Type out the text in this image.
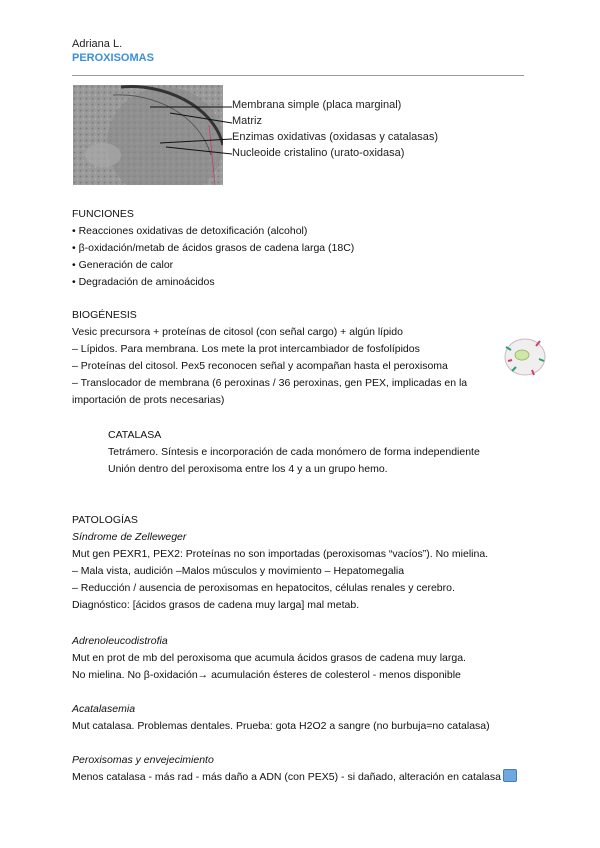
Adriana L.
PEROXISOMAS
Membrana simple (placa marginal)
Matriz
Enzimas oxidativas (oxidasas y catalasas)
Nucleoide cristalino (urato-oxidasa)
FUNCIONES
• Reacciones oxidativas de detoxificación (alcohol)
• β-oxidación/metab de ácidos grasos de cadena larga (18C)
• Generación de calor
• Degradación de aminoácidos
BIOGÉNESIS
Vesic precursora + proteínas de citosol (con señal cargo) + algún lípido
– Lípidos. Para membrana. Los mete la prot intercambiador de fosfolípidos
– Proteínas del citosol. Pex5 reconocen señal y acompañan hasta el peroxisoma
– Translocador de membrana (6 peroxinas / 36 peroxinas, gen PEX, implicadas en la
importación de prots necesarias)
CATALASA
Tetrámero. Síntesis e incorporación de cada monómero de forma independiente
Unión dentro del peroxisoma entre los 4 y a un grupo hemo.
PATOLOGÍAS
Síndrome de Zelleweger
Mut gen PEXR1, PEX2: Proteínas no son importadas (peroxisomas “vacíos”). No mielina.
– Mala vista, audición –Malos músculos y movimiento – Hepatomegalia
– Reducción / ausencia de peroxisomas en hepatocitos, células renales y cerebro.
Diagnóstico: [ácidos grasos de cadena muy larga] mal metab.
Adrenoleucodistrofia
Mut en prot de mb del peroxisoma que acumula ácidos grasos de cadena muy larga.
No mielina. No β-oxidación→ acumulación ésteres de colesterol - menos disponible
Acatalasemia
Mut catalasa. Problemas dentales. Prueba: gota H2O2 a sangre (no burbuja=no catalasa)
Peroxisomas y envejecimiento
Menos catalasa - más rad - más daño a ADN (con PEX5) - si dañado, alteración en catalasa
